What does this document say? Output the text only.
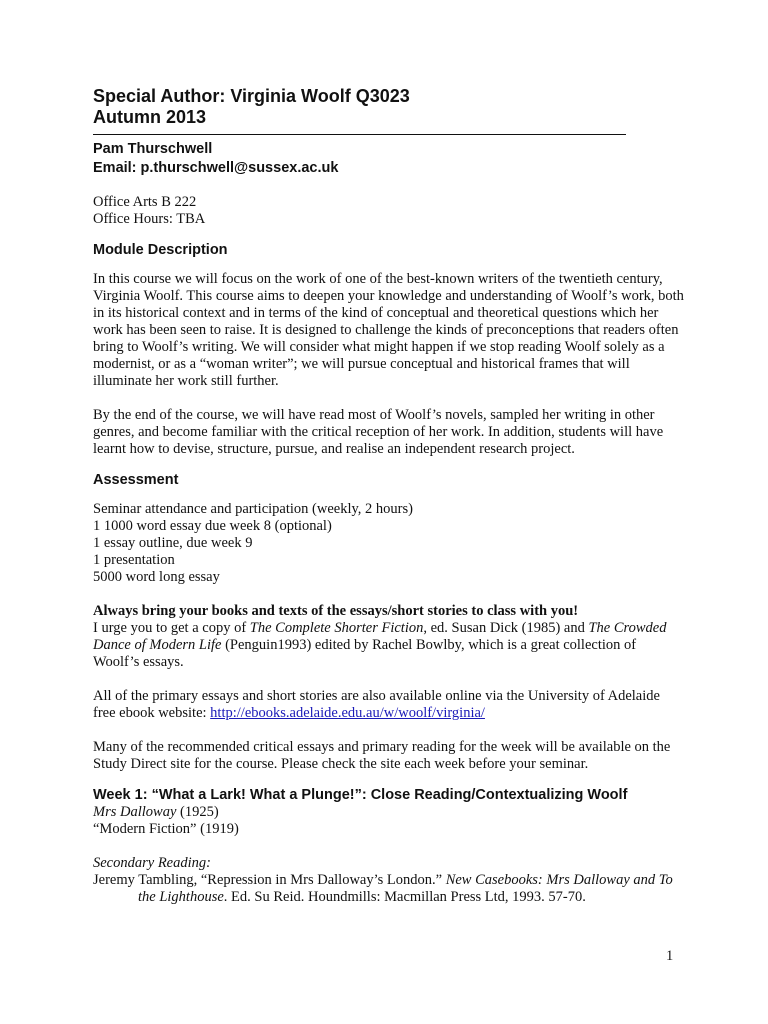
Special Author: Virginia Woolf Q3023
Autumn 2013
Pam Thurschwell
Email: p.thurschwell@sussex.ac.uk

Office Arts B 222

Office Hours: TBA

Module Description

In this course we will focus on the work of one of the best-known writers of the twentieth century, Virginia Woolf. This course aims to deepen your knowledge and understanding of Woolf’s work, both in its historical context and in terms of the kind of conceptual and theoretical questions which her work has been seen to raise. It is designed to challenge the kinds of preconceptions that readers often bring to Woolf’s writing. We will consider what might happen if we stop reading Woolf solely as a modernist, or as a “woman writer”; we will pursue conceptual and historical frames that will illuminate her work still further.

By the end of the course, we will have read most of Woolf’s novels, sampled her writing in other genres, and become familiar with the critical reception of her work. In addition, students will have learnt how to devise, structure, pursue, and realise an independent research project.

Assessment

Seminar attendance and participation (weekly, 2 hours)

1 1000 word essay due week 8 (optional)

1 essay outline, due week 9

1 presentation

5000 word long essay

Always bring your books and texts of the essays/short stories to class with you!

I urge you to get a copy of The Complete Shorter Fiction, ed. Susan Dick (1985) and The Crowded Dance of Modern Life (Penguin1993) edited by Rachel Bowlby, which is a great collection of Woolf’s essays.

All of the primary essays and short stories are also available online via the University of Adelaide free ebook website: http://ebooks.adelaide.edu.au/w/woolf/virginia/

Many of the recommended critical essays and primary reading for the week will be available on the Study Direct site for the course. Please check the site each week before your seminar.

Week 1: “What a Lark! What a Plunge!”: Close Reading/Contextualizing Woolf

Mrs Dalloway (1925)

“Modern Fiction” (1919)

Secondary Reading:

Jeremy Tambling, “Repression in Mrs Dalloway’s London.” New Casebooks: Mrs Dalloway and To the Lighthouse. Ed. Su Reid. Houndmills: Macmillan Press Ltd, 1993. 57-70.

1
